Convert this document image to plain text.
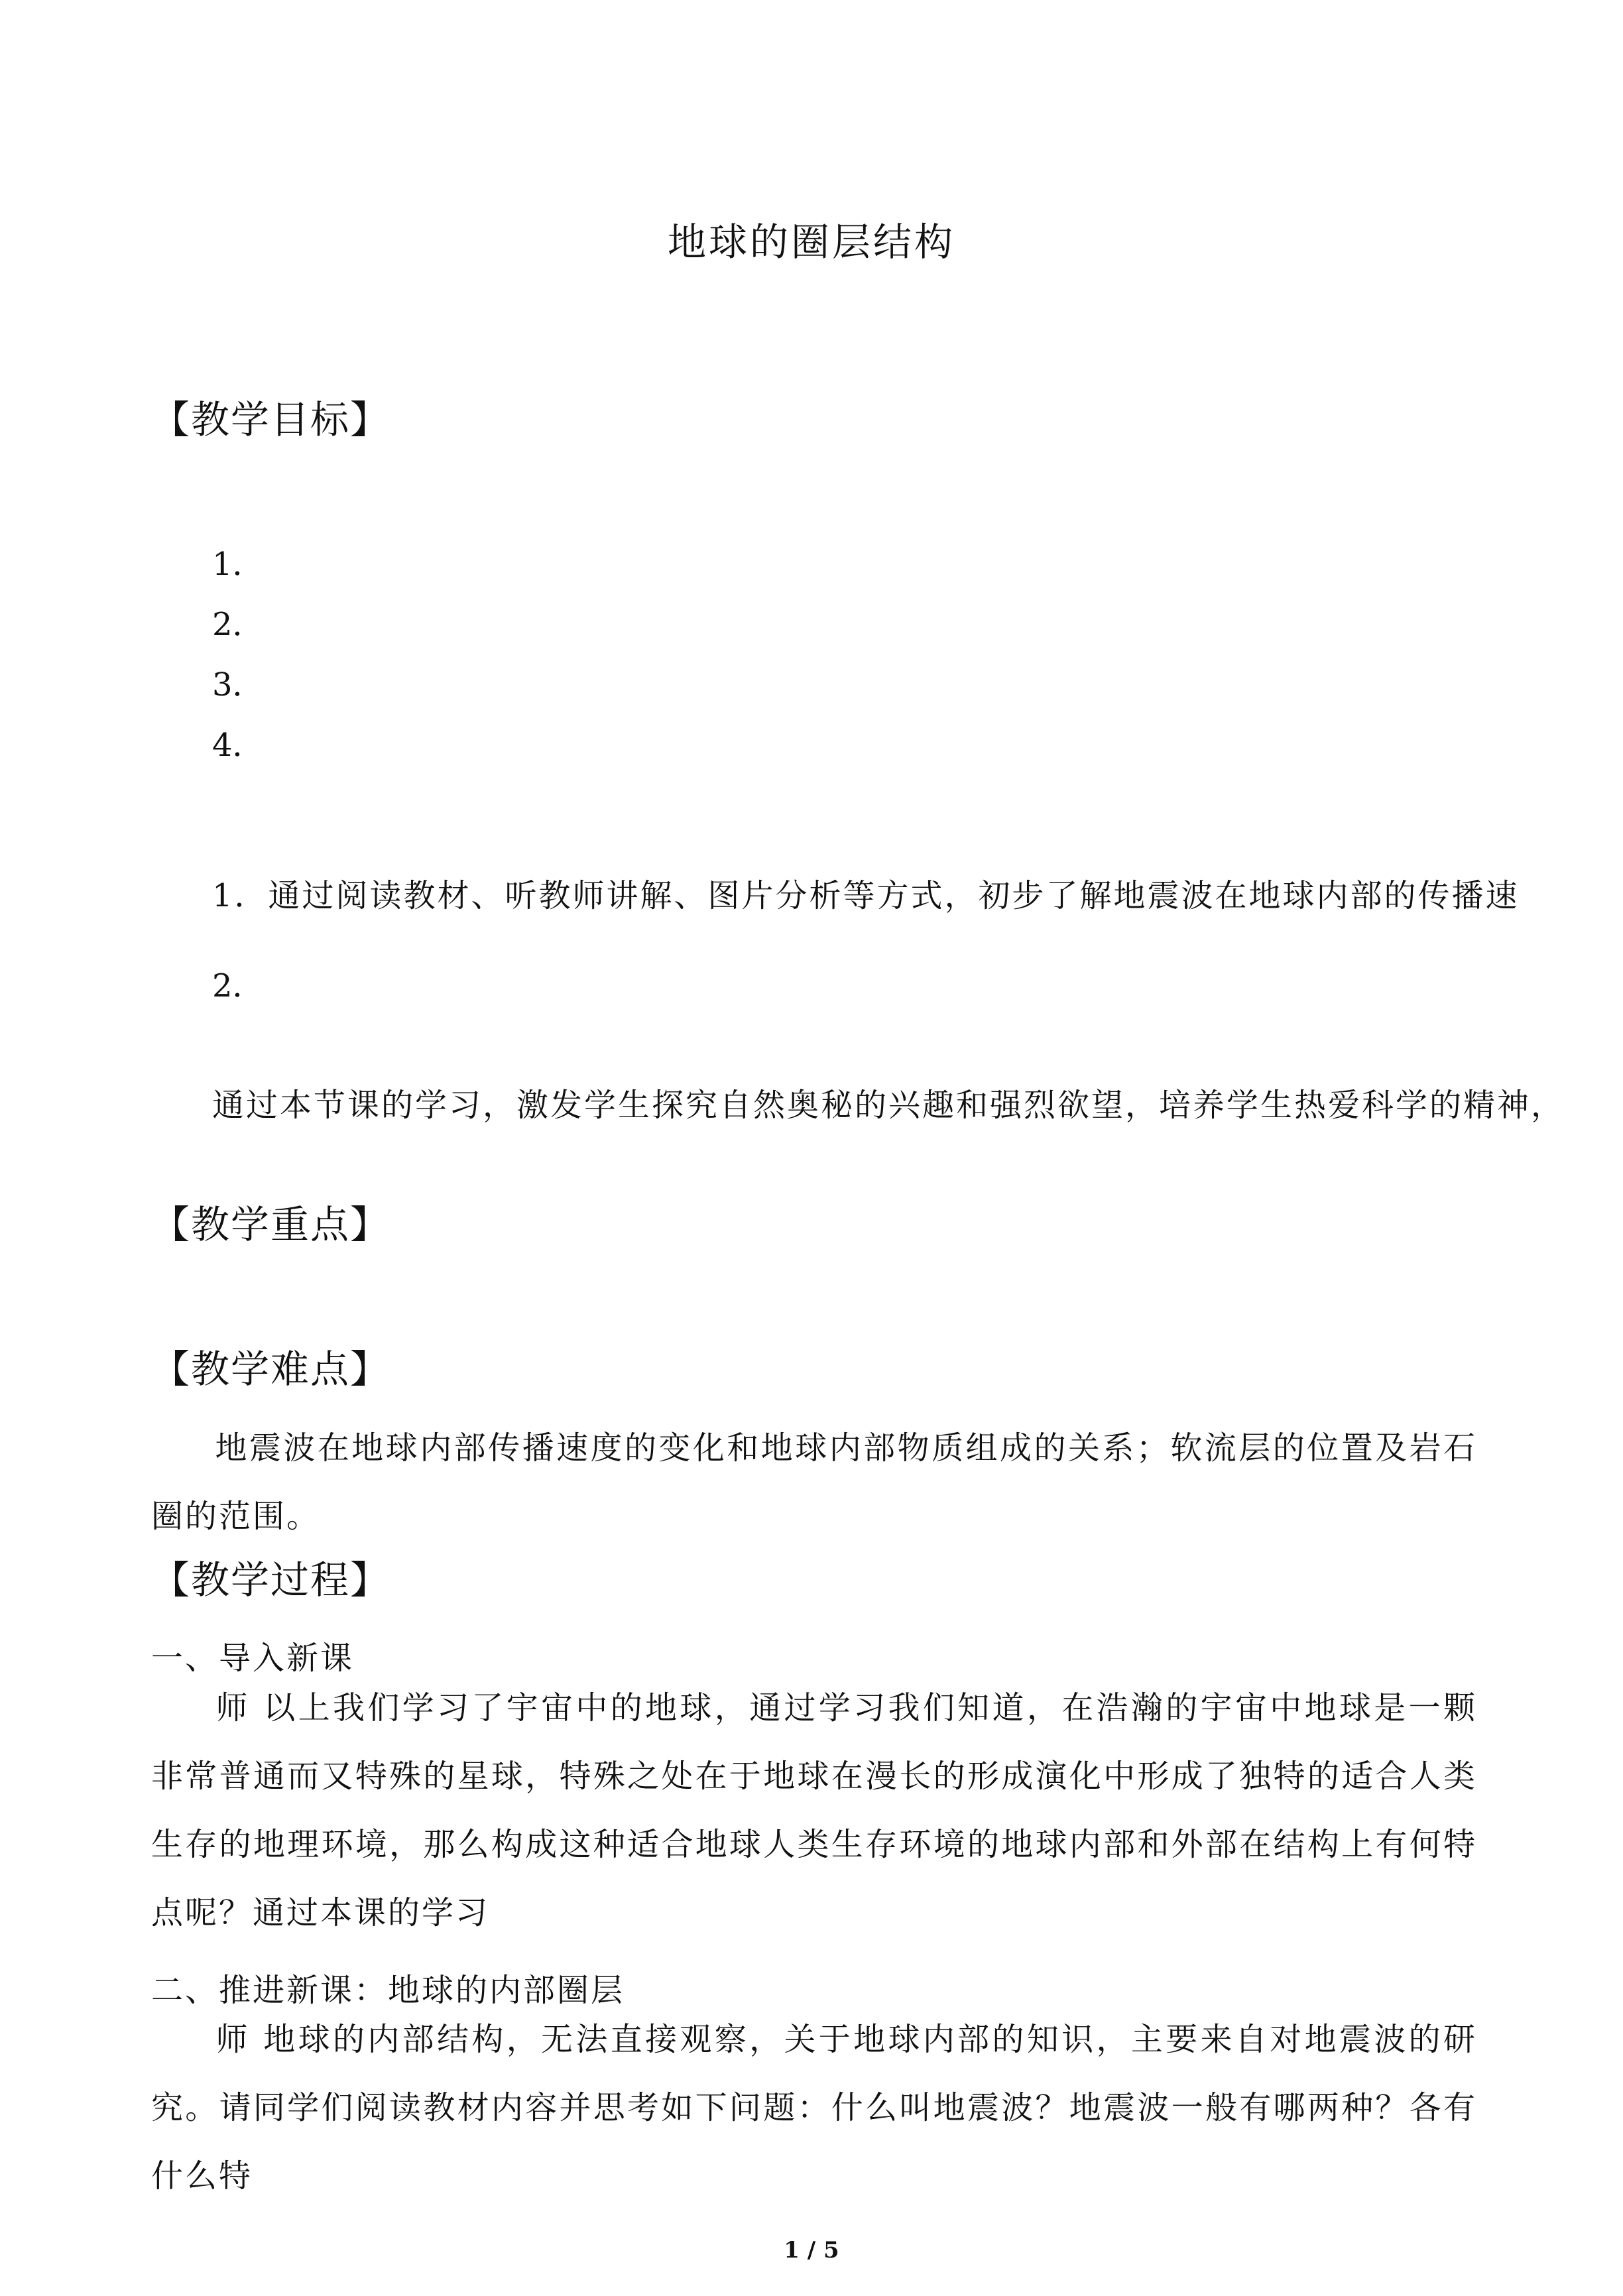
地球的圈层结构
【教学目标】
1．
2．
3．
4．
1．通过阅读教材、听教师讲解、图片分析等方式，初步了解地震波在地球内部的传播速
2．
通过本节课的学习，激发学生探究自然奥秘的兴趣和强烈欲望，培养学生热爱科学的精神，
【教学重点】
【教学难点】
地震波在地球内部传播速度的变化和地球内部物质组成的关系；软流层的位置及岩石圈的范围。
【教学过程】
一、导入新课
师 以上我们学习了宇宙中的地球，通过学习我们知道，在浩瀚的宇宙中地球是一颗非常普通而又特殊的星球，特殊之处在于地球在漫长的形成演化中形成了独特的适合人类生存的地理环境，那么构成这种适合地球人类生存环境的地球内部和外部在结构上有何特点呢？通过本课的学习
二、推进新课：地球的内部圈层
师 地球的内部结构，无法直接观察，关于地球内部的知识，主要来自对地震波的研究。请同学们阅读教材内容并思考如下问题：什么叫地震波？地震波一般有哪两种？各有什么特
1 / 5
